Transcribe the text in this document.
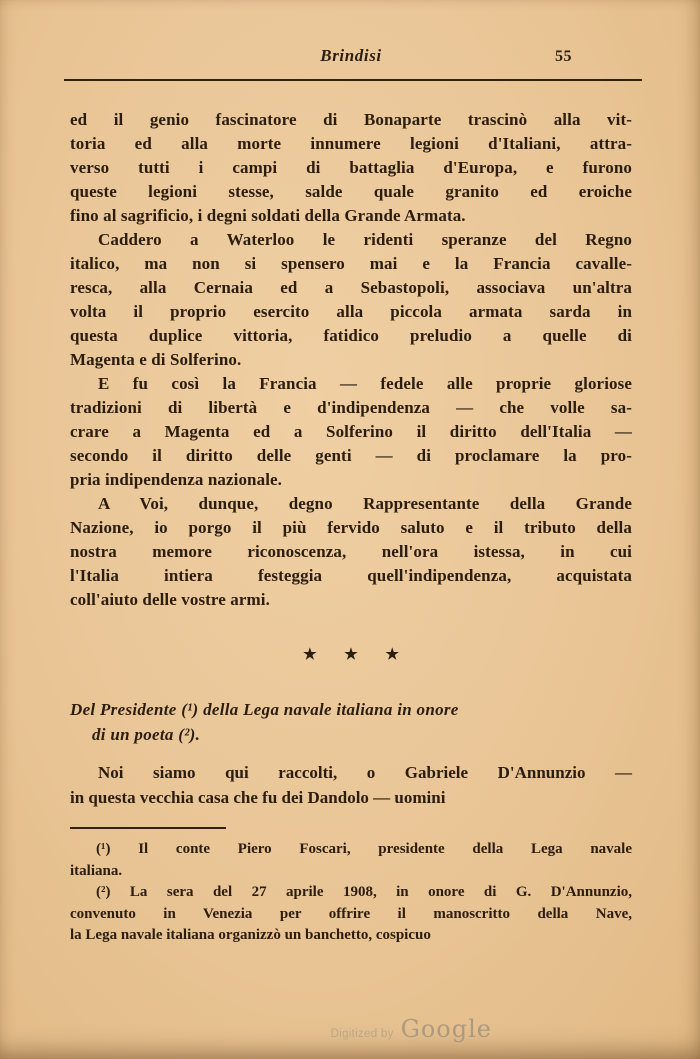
Brindisi	55
ed il genio fascinatore di Bonaparte trascinò alla vit-
toria ed alla morte innumere legioni d'Italiani, attra-
verso tutti i campi di battaglia d'Europa, e furono
queste legioni stesse, salde quale granito ed eroiche
fino al sagrificio, i degni soldati della Grande Armata.
Caddero a Waterloo le ridenti speranze del Regno
italico, ma non si spensero mai e la Francia cavalle-
resca, alla Cernaia ed a Sebastopoli, associava un'altra
volta il proprio esercito alla piccola armata sarda in
questa duplice vittoria, fatidico preludio a quelle di
Magenta e di Solferino.
E fu così la Francia — fedele alle proprie gloriose
tradizioni di libertà e d'indipendenza — che volle sa-
crare a Magenta ed a Solferino il diritto dell'Italia —
secondo il diritto delle genti — di proclamare la pro-
pria indipendenza nazionale.
A Voi, dunque, degno Rappresentante della Grande
Nazione, io porgo il più fervido saluto e il tributo della
nostra memore riconoscenza, nell'ora istessa, in cui
l'Italia intiera festeggia quell'indipendenza, acquistata
coll'aiuto delle vostre armi.
★ ★ ★
Del Presidente (¹) della Lega navale italiana in onore
di un poeta (²).
Noi siamo qui raccolti, o Gabriele D'Annunzio —
in questa vecchia casa che fu dei Dandolo — uomini
(¹) Il conte Piero Foscari, presidente della Lega navale
italiana.
(²) La sera del 27 aprile 1908, in onore di G. D'Annunzio,
convenuto in Venezia per offrire il manoscritto della Nave,
la Lega navale italiana organizzò un banchetto, cospicuo
Digitized by Google
